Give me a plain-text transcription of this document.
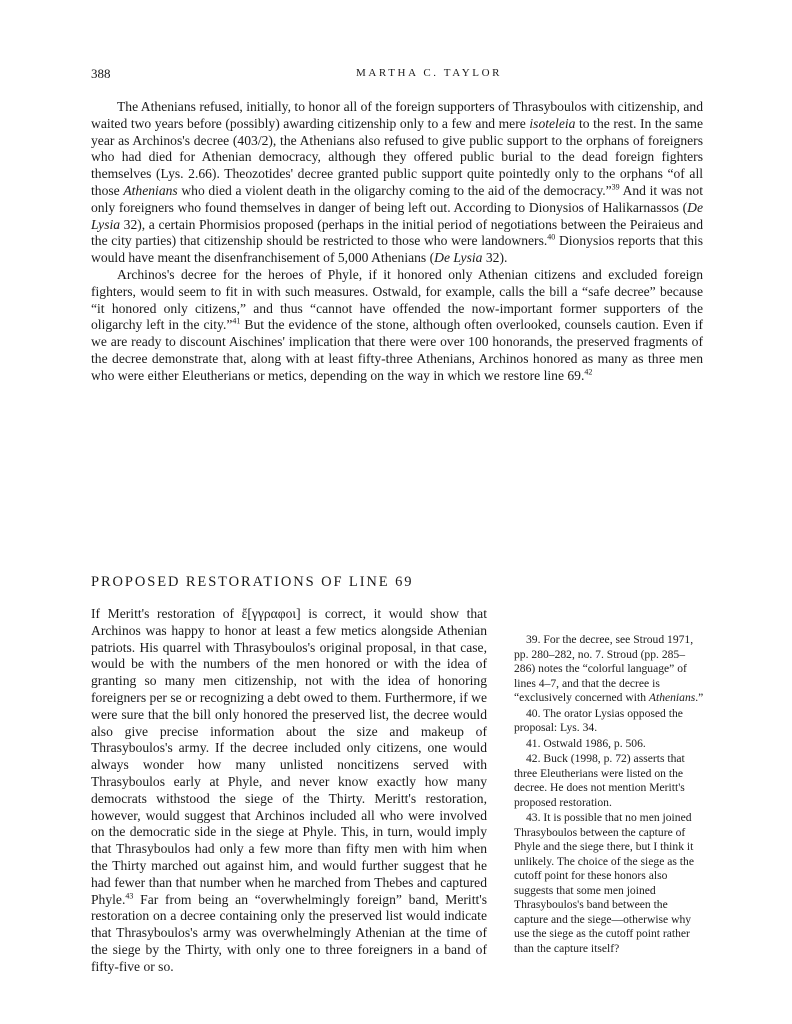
388	MARTHA C. TAYLOR

The Athenians refused, initially, to honor all of the foreign supporters of Thrasyboulos with citizenship, and waited two years before (possibly) awarding citizenship only to a few and mere isoteleia to the rest. In the same year as Archinos's decree (403/2), the Athenians also refused to give public support to the orphans of foreigners who had died for Athenian democracy, although they offered public burial to the dead foreign fighters themselves (Lys. 2.66). Theozotides' decree granted public support quite pointedly only to the orphans “of all those Athenians who died a violent death in the oligarchy coming to the aid of the democracy.”$^{39}$ And it was not only foreigners who found themselves in danger of being left out. According to Dionysios of Halikarnassos (De Lysia 32), a certain Phormisios proposed (perhaps in the initial period of negotiations between the Peiraieus and the city parties) that citizenship should be restricted to those who were landowners.$^{40}$ Dionysios reports that this would have meant the disenfranchisement of 5,000 Athenians (De Lysia 32).

Archinos's decree for the heroes of Phyle, if it honored only Athenian citizens and excluded foreign fighters, would seem to fit in with such measures. Ostwald, for example, calls the bill a “safe decree” because “it honored only citizens,” and thus “cannot have offended the now-important former supporters of the oligarchy left in the city.”$^{41}$ But the evidence of the stone, although often overlooked, counsels caution. Even if we are ready to discount Aischines' implication that there were over 100 honorands, the preserved fragments of the decree demonstrate that, along with at least fifty-three Athenians, Archinos honored as many as three men who were either Eleutherians or metics, depending on the way in which we restore line 69.42

PROPOSED RESTORATIONS OF LINE 69

If Meritt's restoration of ἔ[γγραφοι] is correct, it would show that Archinos was happy to honor at least a few metics alongside Athenian patriots. His quarrel with Thrasyboulos's original proposal, in that case, would be with the numbers of the men honored or with the idea of granting so many men citizenship, not with the idea of honoring foreigners per se or recognizing a debt owed to them. Furthermore, if we were sure that the bill only honored the preserved list, the decree would also give precise information about the size and makeup of Thrasyboulos's army. If the decree included only citizens, one would always wonder how many unlisted noncitizens served with Thrasyboulos early at Phyle, and never know exactly how many democrats withstood the siege of the Thirty. Meritt's restoration, however, would suggest that Archinos included all who were involved on the democratic side in the siege at Phyle. This, in turn, would imply that Thrasyboulos had only a few more than fifty men with him when the Thirty marched out against him, and would further suggest that he had fewer than that number when he marched from Thebes and captured Phyle.$^{43}$ Far from being an “overwhelmingly foreign” band, Meritt's restoration on a decree containing only the preserved list would indicate that Thrasyboulos's army was overwhelmingly Athenian at the time of the siege by the Thirty, with only one to three foreigners in a band of fifty-five or so.

39. For the decree, see Stroud 1971, pp. 280–282, no. 7. Stroud (pp. 285–286) notes the “colorful language” of lines 4–7, and that the decree is “exclusively concerned with Athenians.”

40. The orator Lysias opposed the proposal: Lys. 34.

41. Ostwald 1986, p. 506.

42. Buck (1998, p. 72) asserts that three Eleutherians were listed on the decree. He does not mention Meritt's proposed restoration.

43. It is possible that no men joined Thrasyboulos between the capture of Phyle and the siege there, but I think it unlikely. The choice of the siege as the cutoff point for these honors also suggests that some men joined Thrasyboulos's band between the capture and the siege—otherwise why use the siege as the cutoff point rather than the capture itself?
